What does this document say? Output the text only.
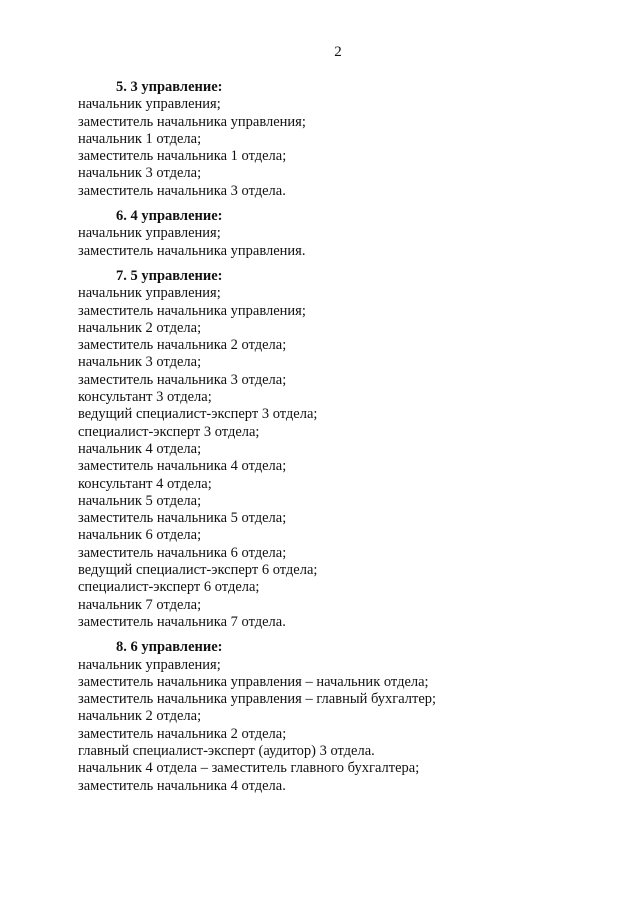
2
5. 3 управление:
начальник управления;
заместитель начальника управления;
начальник 1 отдела;
заместитель начальника 1 отдела;
начальник 3 отдела;
заместитель начальника 3 отдела.
6. 4 управление:
начальник управления;
заместитель начальника управления.
7. 5 управление:
начальник управления;
заместитель начальника управления;
начальник 2 отдела;
заместитель начальника 2 отдела;
начальник 3 отдела;
заместитель начальника 3 отдела;
консультант 3 отдела;
ведущий специалист-эксперт 3 отдела;
специалист-эксперт 3 отдела;
начальник 4 отдела;
заместитель начальника 4 отдела;
консультант 4 отдела;
начальник 5 отдела;
заместитель начальника 5 отдела;
начальник 6 отдела;
заместитель начальника 6 отдела;
ведущий специалист-эксперт 6 отдела;
специалист-эксперт 6 отдела;
начальник 7 отдела;
заместитель начальника 7 отдела.
8. 6 управление:
начальник управления;
заместитель начальника управления – начальник отдела;
заместитель начальника управления – главный бухгалтер;
начальник 2 отдела;
заместитель начальника 2 отдела;
главный специалист-эксперт (аудитор) 3 отдела.
начальник 4 отдела – заместитель главного бухгалтера;
заместитель начальника 4 отдела.
